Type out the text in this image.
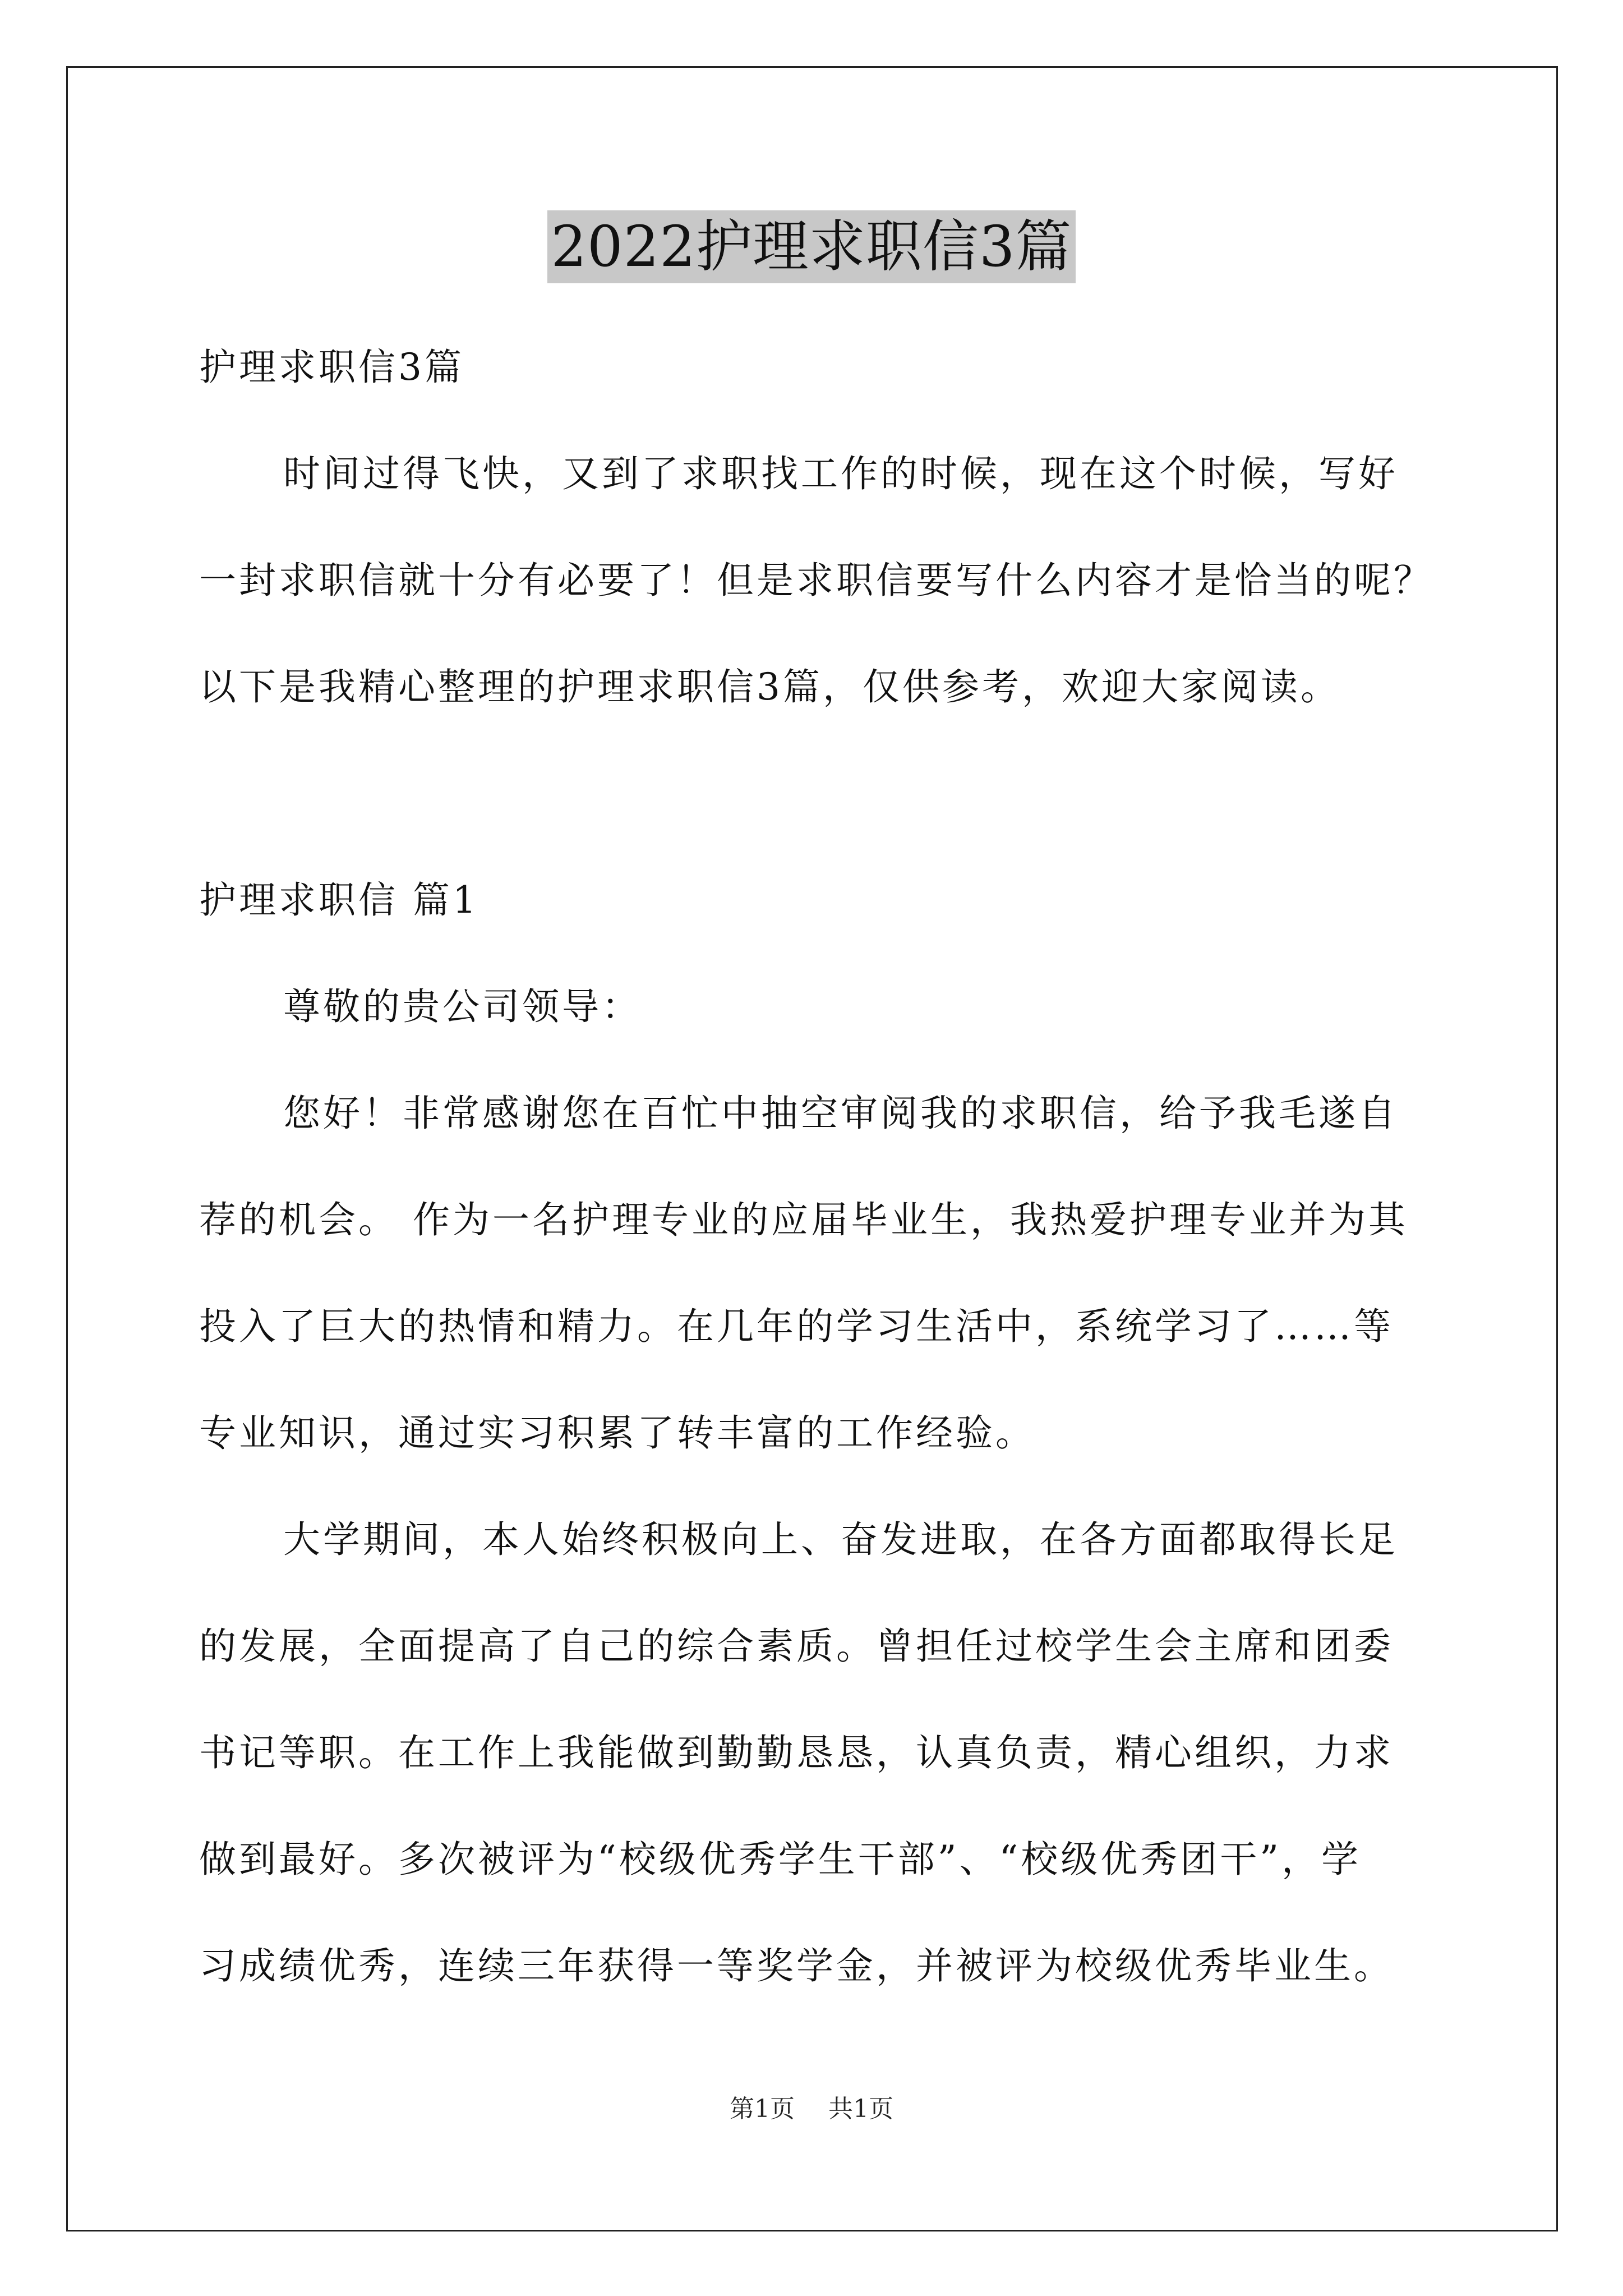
2022护理求职信3篇
护理求职信3篇
时间过得飞快，又到了求职找工作的时候，现在这个时候，写好
一封求职信就十分有必要了！但是求职信要写什么内容才是恰当的呢？
以下是我精心整理的护理求职信3篇，仅供参考，欢迎大家阅读。
护理求职信 篇1
尊敬的贵公司领导：
您好！非常感谢您在百忙中抽空审阅我的求职信，给予我毛遂自
荐的机会。 作为一名护理专业的应届毕业生，我热爱护理专业并为其
投入了巨大的热情和精力。在几年的学习生活中，系统学习了……等
专业知识，通过实习积累了转丰富的工作经验。
大学期间，本人始终积极向上、奋发进取，在各方面都取得长足
的发展，全面提高了自己的综合素质。曾担任过校学生会主席和团委
书记等职。在工作上我能做到勤勤恳恳，认真负责，精心组织，力求
做到最好。多次被评为“校级优秀学生干部”、“校级优秀团干”，学
习成绩优秀，连续三年获得一等奖学金，并被评为校级优秀毕业生。
第1页 共1页
